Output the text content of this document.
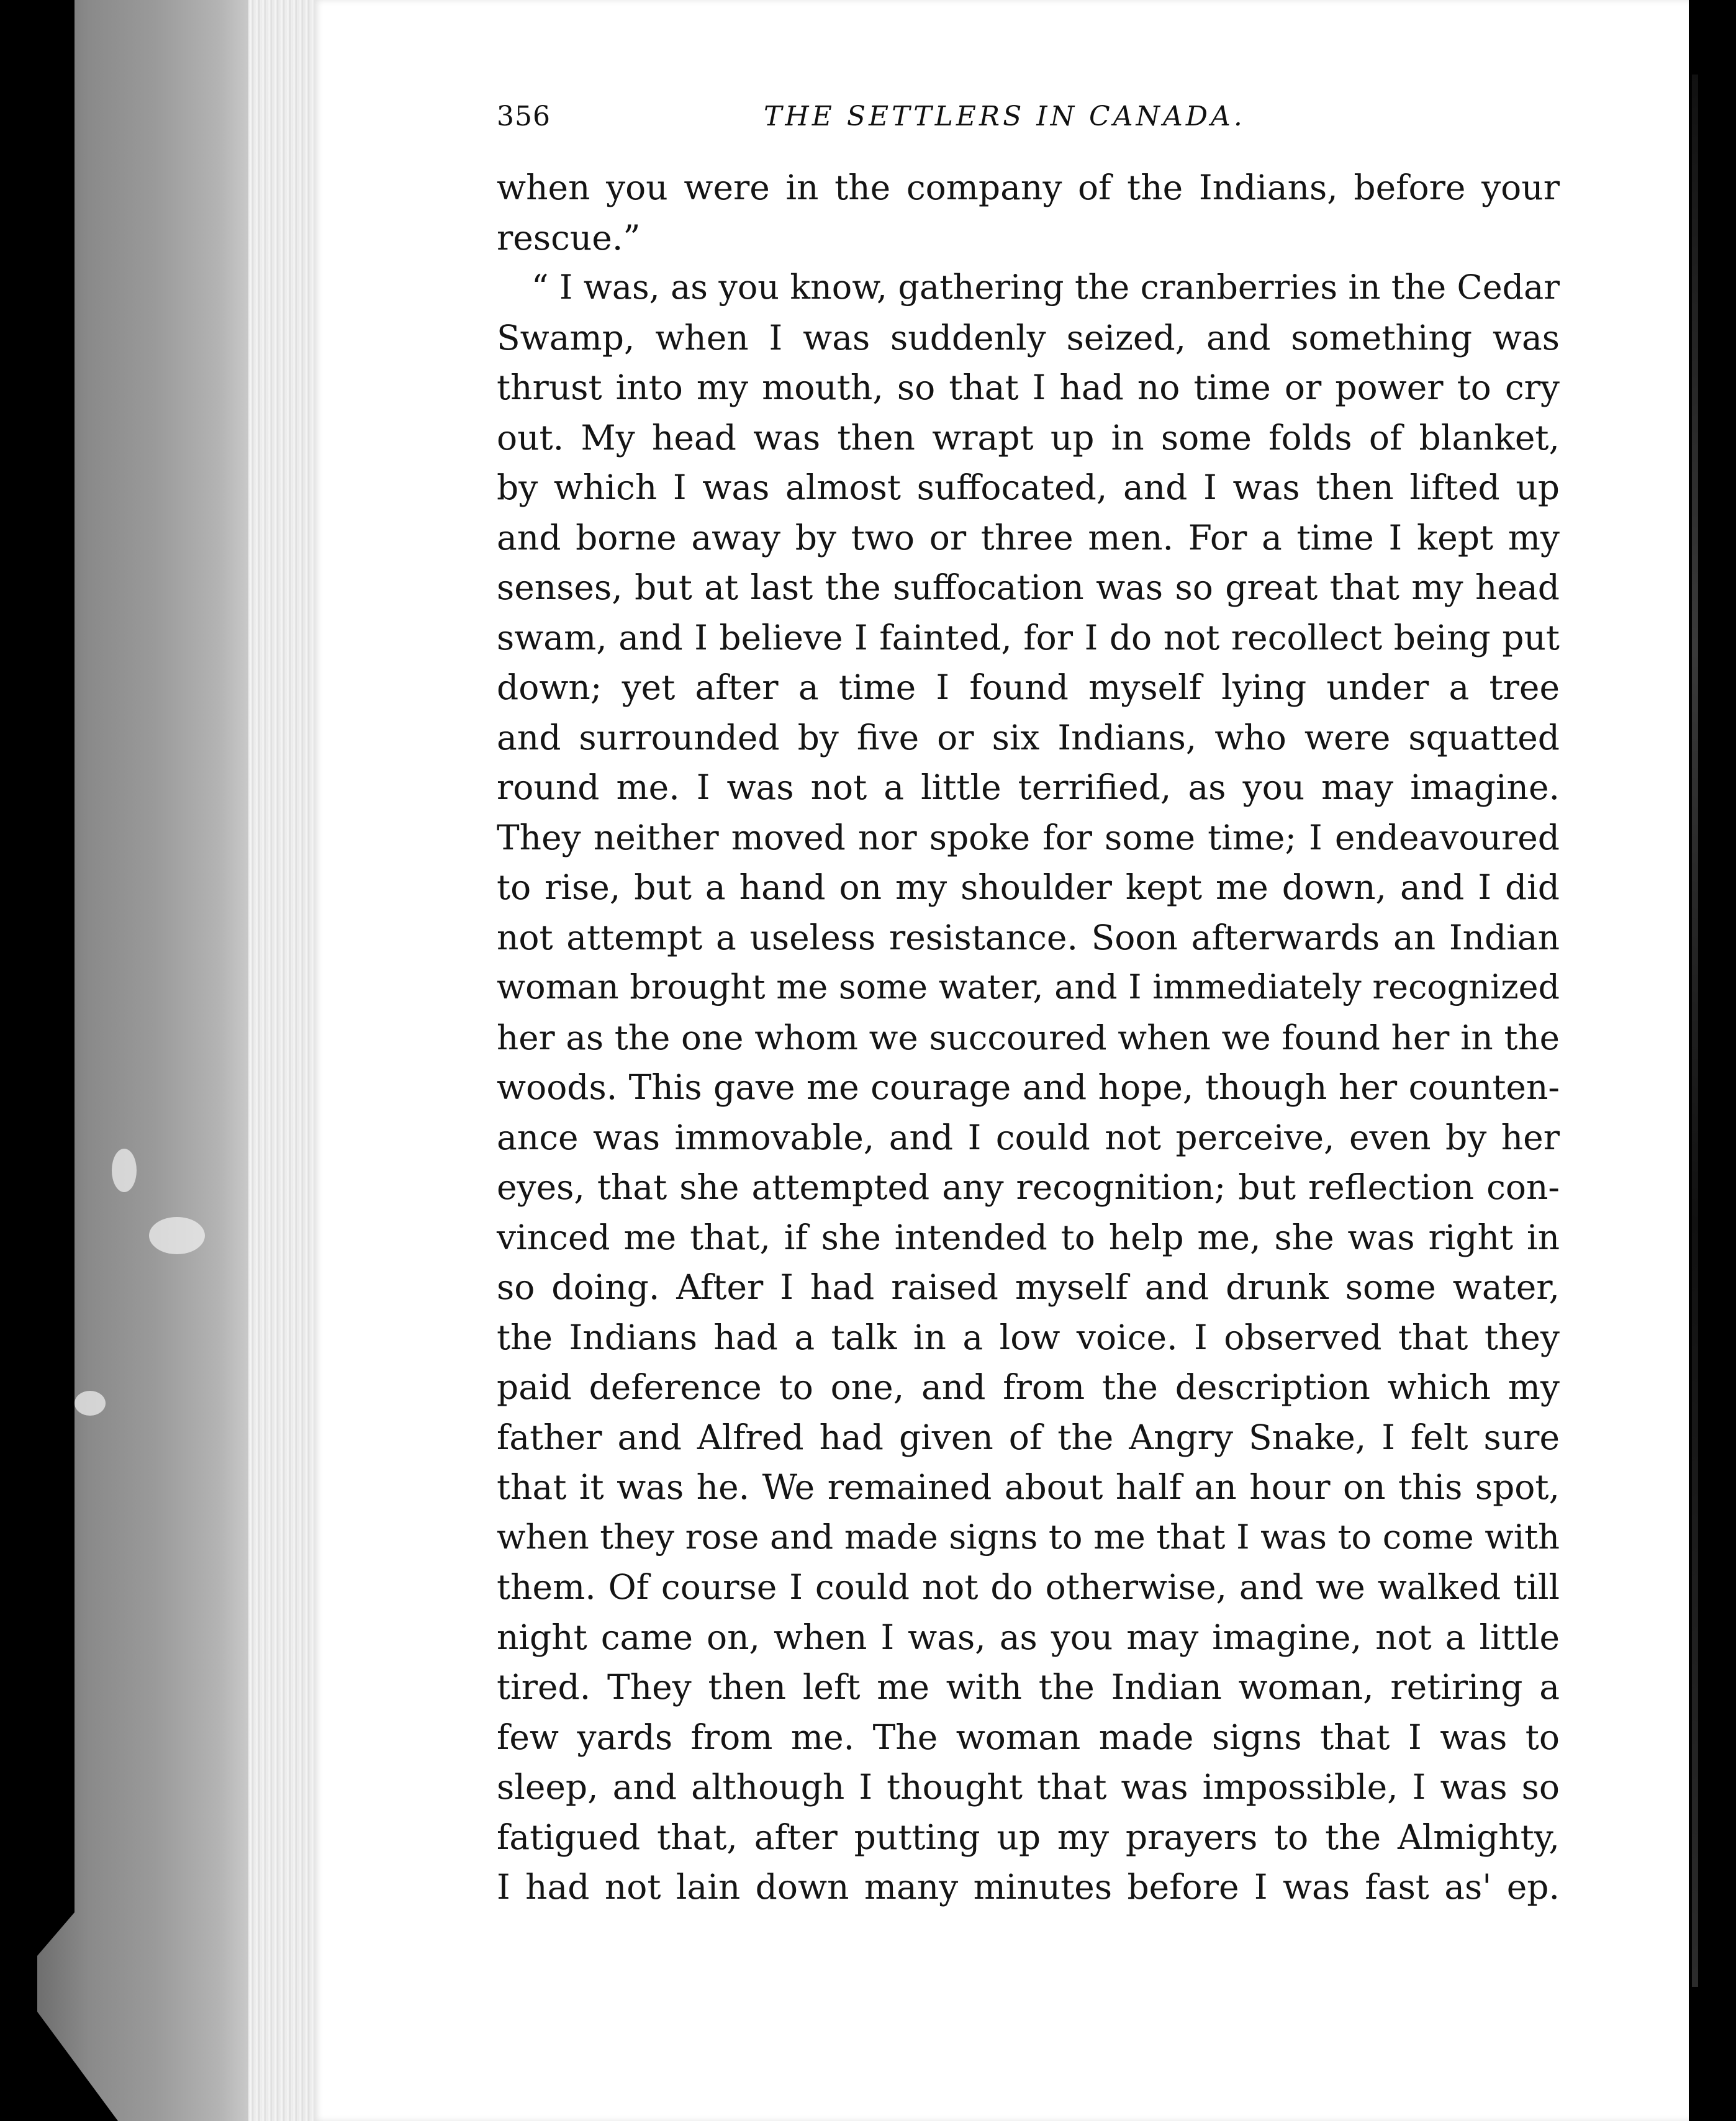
356	THE SETTLERS IN CANADA.
when you were in the company of the Indians, before your
rescue.”
“ I was, as you know, gathering the cranberries in the Cedar
Swamp, when I was suddenly seized, and something was
thrust into my mouth, so that I had no time or power to cry
out. My head was then wrapt up in some folds of blanket,
by which I was almost suffocated, and I was then lifted up
and borne away by two or three men. For a time I kept my
senses, but at last the suffocation was so great that my head
swam, and I believe I fainted, for I do not recollect being put
down; yet after a time I found myself lying under a tree
and surrounded by five or six Indians, who were squatted
round me. I was not a little terrified, as you may imagine.
They neither moved nor spoke for some time; I endeavoured
to rise, but a hand on my shoulder kept me down, and I did
not attempt a useless resistance. Soon afterwards an Indian
woman brought me some water, and I immediately recognized
her as the one whom we succoured when we found her in the
woods. This gave me courage and hope, though her counten-
ance was immovable, and I could not perceive, even by her
eyes, that she attempted any recognition; but reflection con-
vinced me that, if she intended to help me, she was right in
so doing. After I had raised myself and drunk some water,
the Indians had a talk in a low voice. I observed that they
paid deference to one, and from the description which my
father and Alfred had given of the Angry Snake, I felt sure
that it was he. We remained about half an hour on this spot,
when they rose and made signs to me that I was to come with
them. Of course I could not do otherwise, and we walked till
night came on, when I was, as you may imagine, not a little
tired. They then left me with the Indian woman, retiring a
few yards from me. The woman made signs that I was to
sleep, and although I thought that was impossible, I was so
fatigued that, after putting up my prayers to the Almighty,
I had not lain down many minutes before I was fast as' ep.
